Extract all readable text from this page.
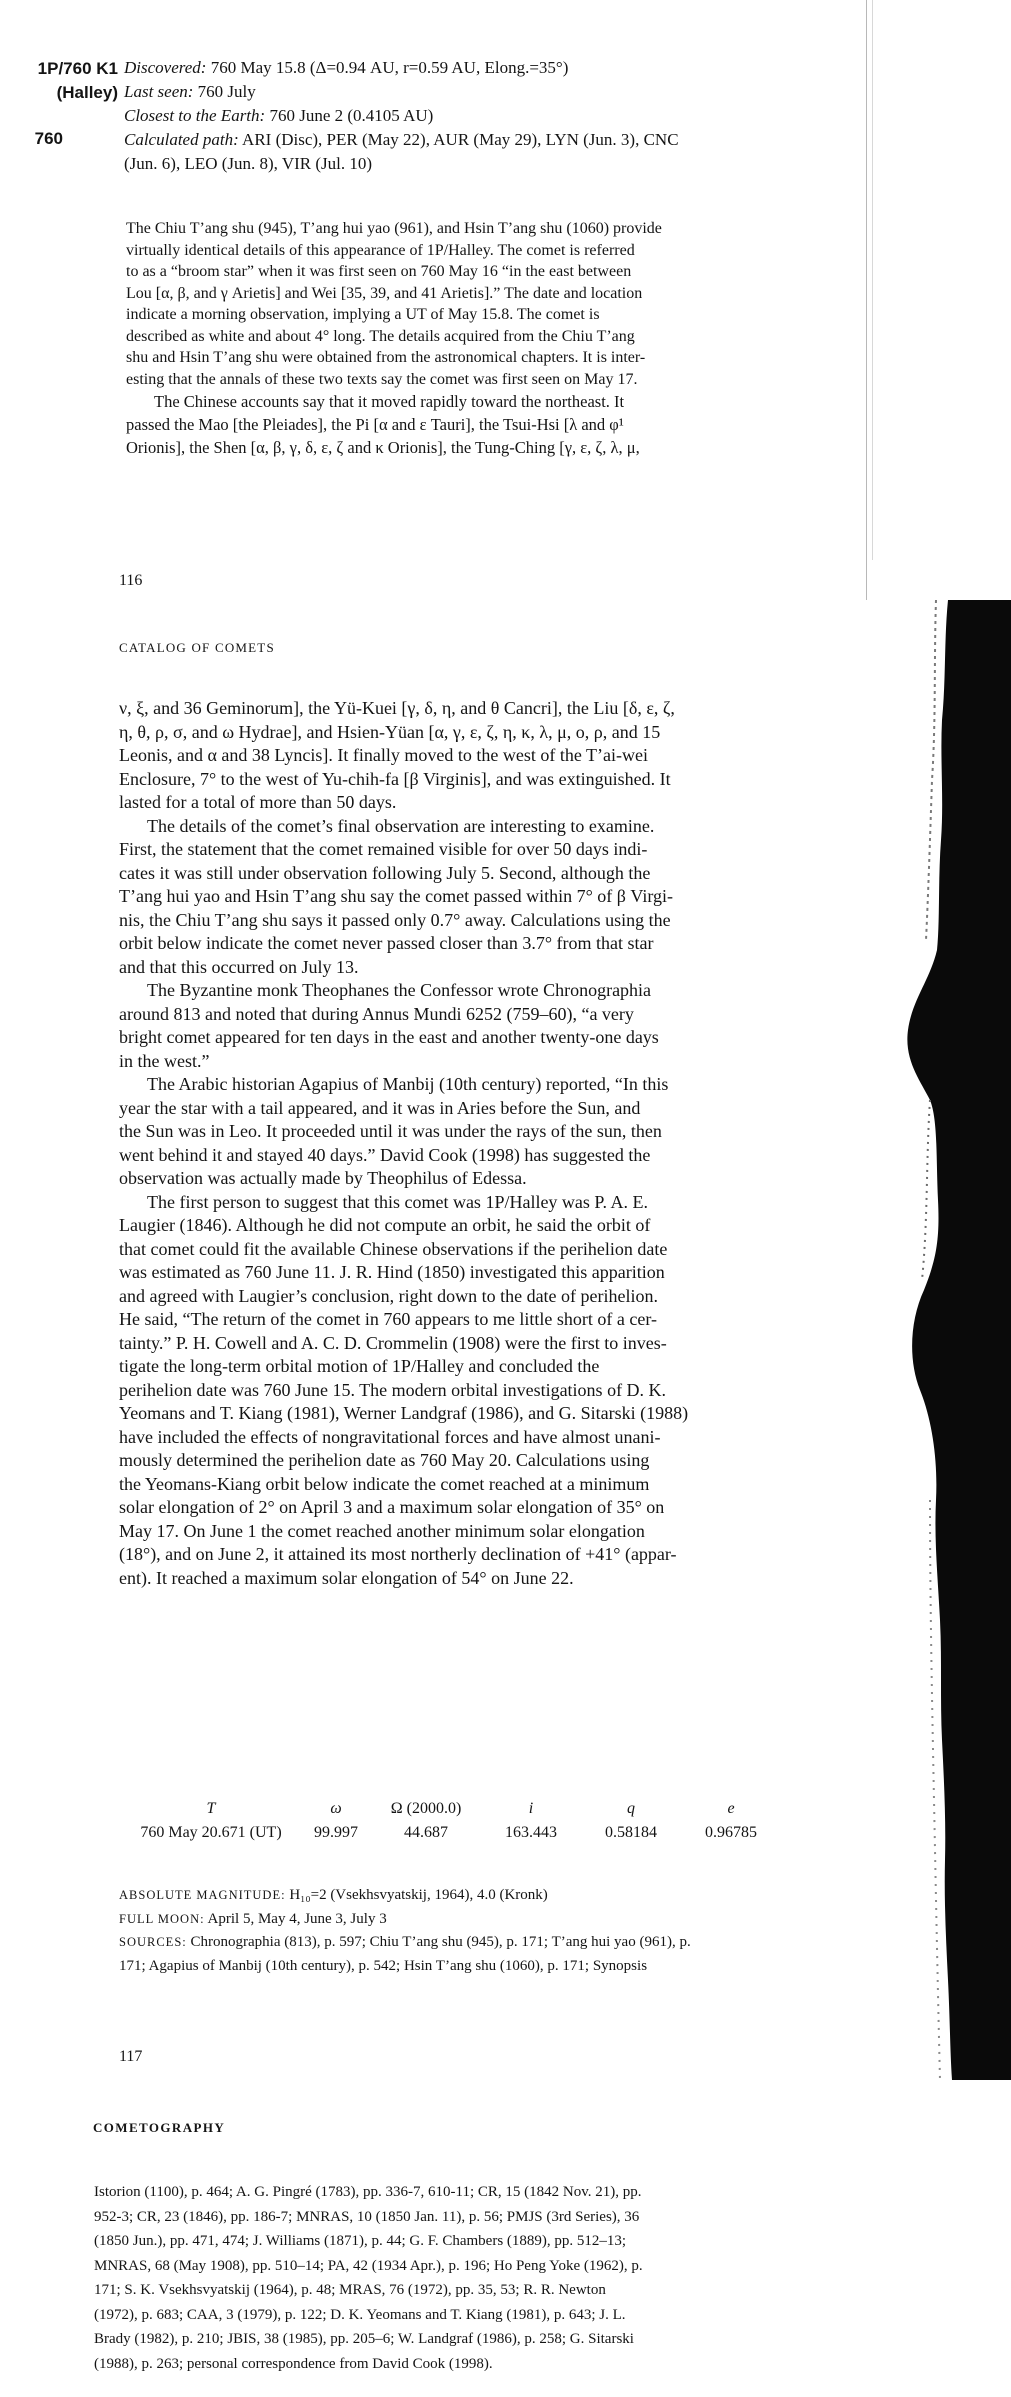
1P/760 K1
(Halley)
760
Discovered: 760 May 15.8 (Δ=0.94 AU, r=0.59 AU, Elong.=35°)
Last seen: 760 July
Closest to the Earth: 760 June 2 (0.4105 AU)
Calculated path: ARI (Disc), PER (May 22), AUR (May 29), LYN (Jun. 3), CNC
(Jun. 6), LEO (Jun. 8), VIR (Jul. 10)
The Chiu T’ang shu (945), T’ang hui yao (961), and Hsin T’ang shu (1060) provide
virtually identical details of this appearance of 1P/Halley. The comet is referred
to as a “broom star” when it was first seen on 760 May 16 “in the east between
Lou [α, β, and γ Arietis] and Wei [35, 39, and 41 Arietis].” The date and location
indicate a morning observation, implying a UT of May 15.8. The comet is
described as white and about 4° long. The details acquired from the Chiu T’ang
shu and Hsin T’ang shu were obtained from the astronomical chapters. It is inter-
esting that the annals of these two texts say the comet was first seen on May 17.
The Chinese accounts say that it moved rapidly toward the northeast. It
passed the Mao [the Pleiades], the Pi [α and ε Tauri], the Tsui-Hsi [λ and φ¹
Orionis], the Shen [α, β, γ, δ, ε, ζ and κ Orionis], the Tung-Ching [γ, ε, ζ, λ, μ,
116
CATALOG OF COMETS
ν, ξ, and 36 Geminorum], the Yü-Kuei [γ, δ, η, and θ Cancri], the Liu [δ, ε, ζ,
η, θ, ρ, σ, and ω Hydrae], and Hsien-Yüan [α, γ, ε, ζ, η, κ, λ, μ, ο, ρ, and 15
Leonis, and α and 38 Lyncis]. It finally moved to the west of the T’ai-wei
Enclosure, 7° to the west of Yu-chih-fa [β Virginis], and was extinguished. It
lasted for a total of more than 50 days.
The details of the comet’s final observation are interesting to examine.
First, the statement that the comet remained visible for over 50 days indi-
cates it was still under observation following July 5. Second, although the
T’ang hui yao and Hsin T’ang shu say the comet passed within 7° of β Virgi-
nis, the Chiu T’ang shu says it passed only 0.7° away. Calculations using the
orbit below indicate the comet never passed closer than 3.7° from that star
and that this occurred on July 13.
The Byzantine monk Theophanes the Confessor wrote Chronographia
around 813 and noted that during Annus Mundi 6252 (759–60), “a very
bright comet appeared for ten days in the east and another twenty-one days
in the west.”
The Arabic historian Agapius of Manbij (10th century) reported, “In this
year the star with a tail appeared, and it was in Aries before the Sun, and
the Sun was in Leo. It proceeded until it was under the rays of the sun, then
went behind it and stayed 40 days.” David Cook (1998) has suggested the
observation was actually made by Theophilus of Edessa.
The first person to suggest that this comet was 1P/Halley was P. A. E.
Laugier (1846). Although he did not compute an orbit, he said the orbit of
that comet could fit the available Chinese observations if the perihelion date
was estimated as 760 June 11. J. R. Hind (1850) investigated this apparition
and agreed with Laugier’s conclusion, right down to the date of perihelion.
He said, “The return of the comet in 760 appears to me little short of a cer-
tainty.” P. H. Cowell and A. C. D. Crommelin (1908) were the first to inves-
tigate the long-term orbital motion of 1P/Halley and concluded the
perihelion date was 760 June 15. The modern orbital investigations of D. K.
Yeomans and T. Kiang (1981), Werner Landgraf (1986), and G. Sitarski (1988)
have included the effects of nongravitational forces and have almost unani-
mously determined the perihelion date as 760 May 20. Calculations using
the Yeomans-Kiang orbit below indicate the comet reached at a minimum
solar elongation of 2° on April 3 and a maximum solar elongation of 35° on
May 17. On June 1 the comet reached another minimum solar elongation
(18°), and on June 2, it attained its most northerly declination of +41° (appar-
ent). It reached a maximum solar elongation of 54° on June 22.
T	ω	Ω (2000.0)	i	q	e
760 May 20.671 (UT)	99.997	44.687	163.443	0.58184	0.96785
ABSOLUTE MAGNITUDE: H₁₀=2 (Vsekhsvyatskij, 1964), 4.0 (Kronk)
FULL MOON: April 5, May 4, June 3, July 3
SOURCES: Chronographia (813), p. 597; Chiu T’ang shu (945), p. 171; T’ang hui yao (961), p.
171; Agapius of Manbij (10th century), p. 542; Hsin T’ang shu (1060), p. 171; Synopsis
117
COMETOGRAPHY
Istorion (1100), p. 464; A. G. Pingré (1783), pp. 336-7, 610-11; CR, 15 (1842 Nov. 21), pp.
952-3; CR, 23 (1846), pp. 186-7; MNRAS, 10 (1850 Jan. 11), p. 56; PMJS (3rd Series), 36
(1850 Jun.), pp. 471, 474; J. Williams (1871), p. 44; G. F. Chambers (1889), pp. 512–13;
MNRAS, 68 (May 1908), pp. 510–14; PA, 42 (1934 Apr.), p. 196; Ho Peng Yoke (1962), p.
171; S. K. Vsekhsvyatskij (1964), p. 48; MRAS, 76 (1972), pp. 35, 53; R. R. Newton
(1972), p. 683; CAA, 3 (1979), p. 122; D. K. Yeomans and T. Kiang (1981), p. 643; J. L.
Brady (1982), p. 210; JBIS, 38 (1985), pp. 205–6; W. Landgraf (1986), p. 258; G. Sitarski
(1988), p. 263; personal correspondence from David Cook (1998).
